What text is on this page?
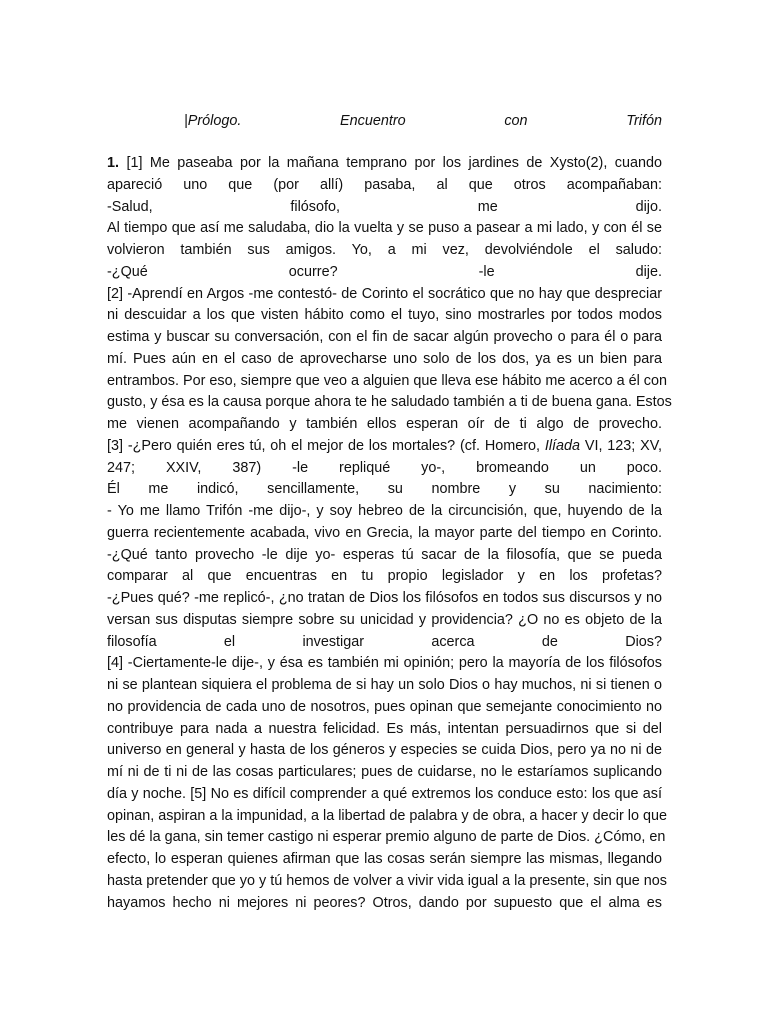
|Prólogo.	Encuentro	con	Trifón
1. [1] Me paseaba por la mañana temprano por los jardines de Xysto(2), cuando
apareció uno que (por allí) pasaba, al que otros acompañaban:
-Salud, filósofo, me dijo.
Al tiempo que así me saludaba, dio la vuelta y se puso a pasear a mi lado, y con él se
volvieron también sus amigos. Yo, a mi vez, devolviéndole el saludo:
-¿Qué ocurre? -le dije.
[2] -Aprendí en Argos -me contestó- de Corinto el socrático que no hay que despreciar
ni descuidar a los que visten hábito como el tuyo, sino mostrarles por todos modos
estima y buscar su conversación, con el fin de sacar algún provecho o para él o para
mí. Pues aún en el caso de aprovecharse uno solo de los dos, ya es un bien para
entrambos. Por eso, siempre que veo a alguien que lleva ese hábito me acerco a él con
gusto, y ésa es la causa porque ahora te he saludado también a ti de buena gana. Estos
me vienen acompañando y también ellos esperan oír de ti algo de provecho.
[3] -¿Pero quién eres tú, oh el mejor de los mortales? (cf. Homero, Ilíada VI, 123; XV,
247; XXIV, 387) -le repliqué yo-, bromeando un poco.
Él me indicó, sencillamente, su nombre y su nacimiento:
- Yo me llamo Trifón -me dijo-, y soy hebreo de la circuncisión, que, huyendo de la
guerra recientemente acabada, vivo en Grecia, la mayor parte del tiempo en Corinto.
-¿Qué tanto provecho -le dije yo- esperas tú sacar de la filosofía, que se pueda
comparar al que encuentras en tu propio legislador y en los profetas?
-¿Pues qué? -me replicó-, ¿no tratan de Dios los filósofos en todos sus discursos y no
versan sus disputas siempre sobre su unicidad y providencia? ¿O no es objeto de la
filosofía el investigar acerca de Dios?
[4] -Ciertamente-le dije-, y ésa es también mi opinión; pero la mayoría de los filósofos
ni se plantean siquiera el problema de si hay un solo Dios o hay muchos, ni si tienen o
no providencia de cada uno de nosotros, pues opinan que semejante conocimiento no
contribuye para nada a nuestra felicidad. Es más, intentan persuadirnos que si del
universo en general y hasta de los géneros y especies se cuida Dios, pero ya no ni de
mí ni de ti ni de las cosas particulares; pues de cuidarse, no le estaríamos suplicando
día y noche. [5] No es difícil comprender a qué extremos los conduce esto: los que así
opinan, aspiran a la impunidad, a la libertad de palabra y de obra, a hacer y decir lo que
les dé la gana, sin temer castigo ni esperar premio alguno de parte de Dios. ¿Cómo, en
efecto, lo esperan quienes afirman que las cosas serán siempre las mismas, llegando
hasta pretender que yo y tú hemos de volver a vivir vida igual a la presente, sin que nos
hayamos hecho ni mejores ni peores? Otros, dando por supuesto que el alma es
